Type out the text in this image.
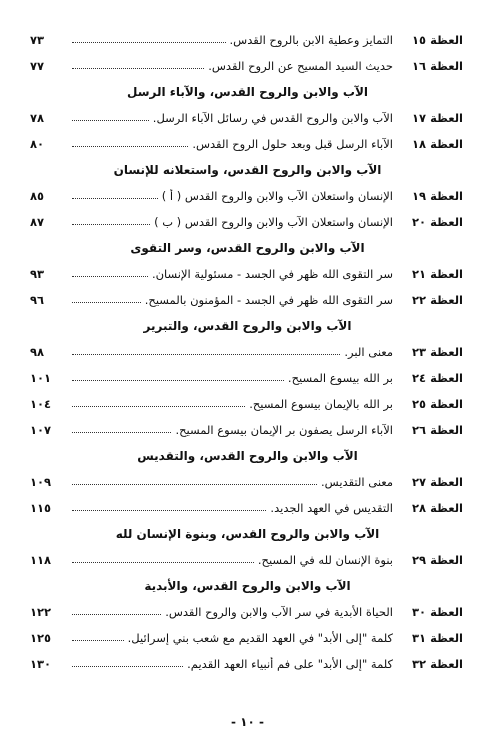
العظة١٥
التمايز وعطية الابن بالروح القدس.
٧٣
العظة١٦
حديث السيد المسيح عن الروح القدس.
٧٧
الآب والابن والروح القدس، والآباء الرسل
العظة١٧
الآب والابن والروح القدس في رسائل الآباء الرسل.
٧٨
العظة١٨
الآباء الرسل قبل وبعد حلول الروح القدس.
٨٠
الآب والابن والروح القدس، واستعلانه للإنسان
العظة١٩
الإنسان واستعلان الآب والابن والروح القدس ( أ )
٨٥
العظة٢٠
الإنسان واستعلان الآب والابن والروح القدس ( ب )
٨٧
الآب والابن والروح القدس، وسر التقوى
العظة٢١
سر التقوى الله ظهر في الجسد - مسئولية الإنسان.
٩٣
العظة٢٢
سر التقوى الله ظهر في الجسد - المؤمنون بالمسيح.
٩٦
الآب والابن والروح القدس، والتبرير
العظة٢٣
معنى البر.
٩٨
العظة٢٤
بر الله بيسوع المسيح.
١٠١
العظة٢٥
بر الله بالإيمان بيسوع المسيح.
١٠٤
العظة٢٦
الآباء الرسل يصفون بر الإيمان بيسوع المسيح.
١٠٧
الآب والابن والروح القدس، والتقديس
العظة٢٧
معنى التقديس.
١٠٩
العظة٢٨
التقديس في العهد الجديد.
١١٥
الآب والابن والروح القدس، وبنوة الإنسان لله
العظة٢٩
بنوة الإنسان لله في المسيح.
١١٨
الآب والابن والروح القدس، والأبدية
العظة٣٠
الحياة الأبدية في سر الآب والابن والروح القدس.
١٢٢
العظة٣١
كلمة "إلى الأبد" في العهد القديم مع شعب بني إسرائيل.
١٢٥
العظة٣٢
كلمة "إلى الأبد" على فم أنبياء العهد القديم.
١٣٠
- ١٠ -
